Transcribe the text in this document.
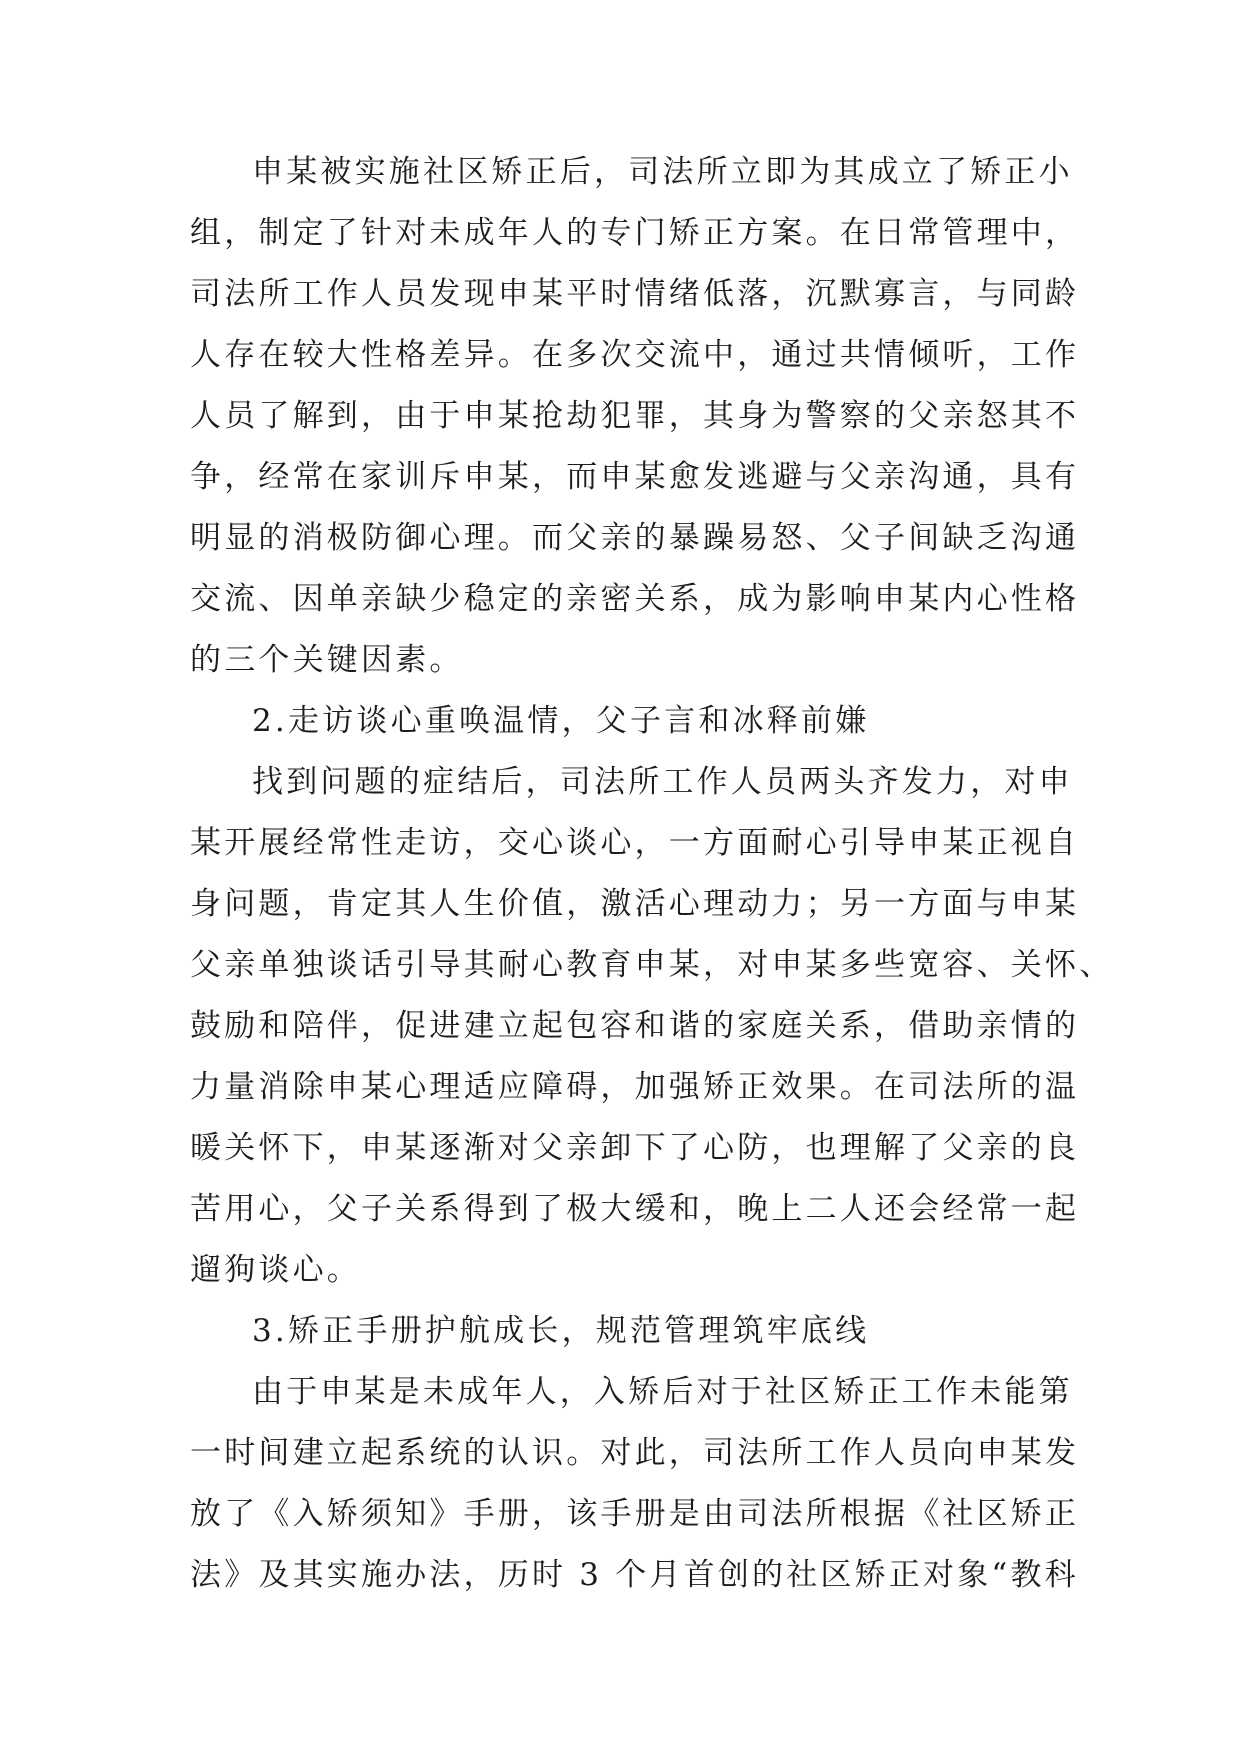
申某被实施社区矫正后，司法所立即为其成立了矫正小
组，制定了针对未成年人的专门矫正方案。在日常管理中，
司法所工作人员发现申某平时情绪低落，沉默寡言，与同龄
人存在较大性格差异。在多次交流中，通过共情倾听，工作
人员了解到，由于申某抢劫犯罪，其身为警察的父亲怒其不
争，经常在家训斥申某，而申某愈发逃避与父亲沟通，具有
明显的消极防御心理。而父亲的暴躁易怒、父子间缺乏沟通
交流、因单亲缺少稳定的亲密关系，成为影响申某内心性格
的三个关键因素。
2.走访谈心重唤温情，父子言和冰释前嫌
找到问题的症结后，司法所工作人员两头齐发力，对申
某开展经常性走访，交心谈心，一方面耐心引导申某正视自
身问题，肯定其人生价值，激活心理动力；另一方面与申某
父亲单独谈话引导其耐心教育申某，对申某多些宽容、关怀、
鼓励和陪伴，促进建立起包容和谐的家庭关系，借助亲情的
力量消除申某心理适应障碍，加强矫正效果。在司法所的温
暖关怀下，申某逐渐对父亲卸下了心防，也理解了父亲的良
苦用心，父子关系得到了极大缓和，晚上二人还会经常一起
遛狗谈心。
3.矫正手册护航成长，规范管理筑牢底线
由于申某是未成年人，入矫后对于社区矫正工作未能第
一时间建立起系统的认识。对此，司法所工作人员向申某发
放了《入矫须知》手册，该手册是由司法所根据《社区矫正
法》及其实施办法，历时 3 个月首创的社区矫正对象“教科
